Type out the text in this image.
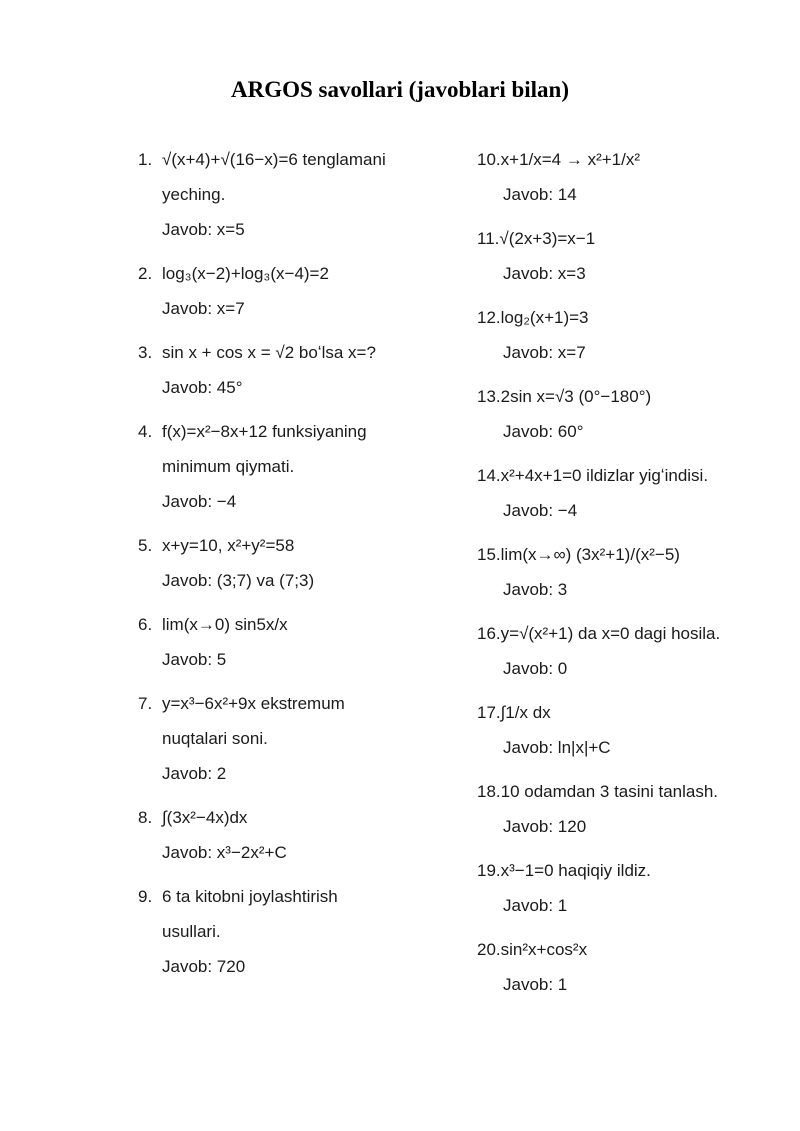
ARGOS savollari (javoblari bilan)
1. √(x+4)+√(16−x)=6 tenglamani
yeching.
Javob: x=5
2. log₃(x−2)+log₃(x−4)=2
Javob: x=7
3. sin x + cos x = √2 boʻlsa x=?
Javob: 45°
4. f(x)=x²−8x+12 funksiyaning
minimum qiymati.
Javob: −4
5. x+y=10, x²+y²=58
Javob: (3;7) va (7;3)
6. lim(x→0) sin5x/x
Javob: 5
7. y=x³−6x²+9x ekstremum
nuqtalari soni.
Javob: 2
8. ∫(3x²−4x)dx
Javob: x³−2x²+C
9. 6 ta kitobni joylashtirish
usullari.
Javob: 720
10.x+1/x=4 → x²+1/x²
Javob: 14
11.√(2x+3)=x−1
Javob: x=3
12.log₂(x+1)=3
Javob: x=7
13.2sin x=√3 (0°−180°)
Javob: 60°
14.x²+4x+1=0 ildizlar yigʻindisi.
Javob: −4
15.lim(x→∞) (3x²+1)/(x²−5)
Javob: 3
16.y=√(x²+1) da x=0 dagi hosila.
Javob: 0
17.∫1/x dx
Javob: ln|x|+C
18.10 odamdan 3 tasini tanlash.
Javob: 120
19.x³−1=0 haqiqiy ildiz.
Javob: 1
20.sin²x+cos²x
Javob: 1
